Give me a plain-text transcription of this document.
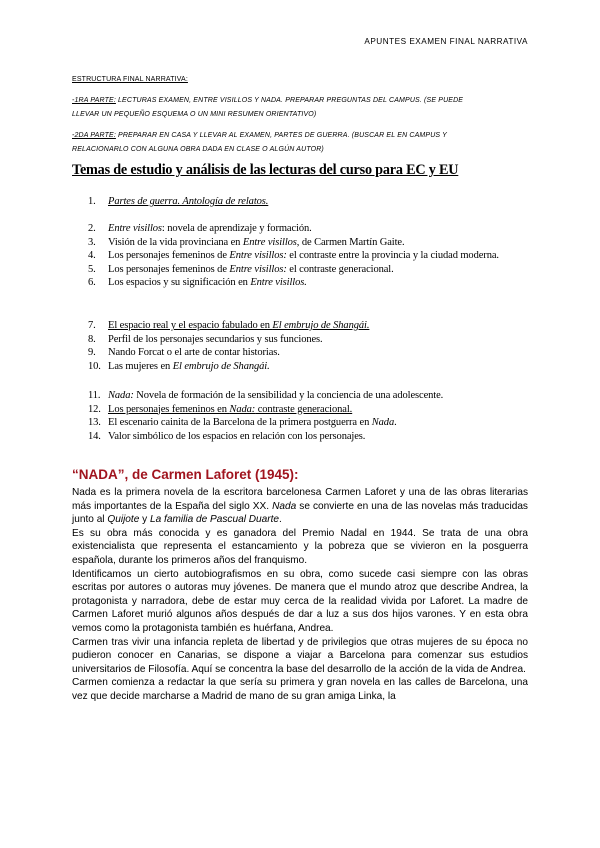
APUNTES EXAMEN FINAL NARRATIVA
ESTRUCTURA FINAL NARRATIVA:
-1RA PARTE: LECTURAS EXAMEN, ENTRE VISILLOS Y NADA. PREPARAR PREGUNTAS DEL CAMPUS. (SE PUEDE
LLEVAR UN PEQUEÑO ESQUEMA O UN MINI RESUMEN ORIENTATIVO)
-2DA PARTE: PREPARAR EN CASA Y LLEVAR AL EXAMEN, PARTES DE GUERRA. (BUSCAR EL EN CAMPUS Y
RELACIONARLO CON ALGUNA OBRA DADA EN CLASE O ALGÚN AUTOR)
Temas de estudio y análisis de las lecturas del curso para EC y EU
1. Partes de guerra. Antología de relatos.
2. Entre visillos: novela de aprendizaje y formación.
3. Visión de la vida provinciana en Entre visillos, de Carmen Martín Gaite.
4. Los personajes femeninos de Entre visillos: el contraste entre la provincia y la ciudad moderna.
5. Los personajes femeninos de Entre visillos: el contraste generacional.
6. Los espacios y su significación en Entre visillos.
7. El espacio real y el espacio fabulado en El embrujo de Shangái.
8. Perfil de los personajes secundarios y sus funciones.
9. Nando Forcat o el arte de contar historias.
10. Las mujeres en El embrujo de Shangái.
11. Nada: Novela de formación de la sensibilidad y la conciencia de una adolescente.
12. Los personajes femeninos en Nada: contraste generacional.
13. El escenario cainita de la Barcelona de la primera postguerra en Nada.
14. Valor simbólico de los espacios en relación con los personajes.
“NADA”, de Carmen Laforet (1945):

Nada es la primera novela de la escritora barcelonesa Carmen Laforet y una de las obras literarias más importantes de la España del siglo XX. Nada se convierte en una de las novelas más traducidas junto al Quijote y La familia de Pascual Duarte.

Es su obra más conocida y es ganadora del Premio Nadal en 1944. Se trata de una obra existencialista que representa el estancamiento y la pobreza que se vivieron en la posguerra española, durante los primeros años del franquismo.

Identificamos un cierto autobiografismos en su obra, como sucede casi siempre con las obras escritas por autores o autoras muy jóvenes. De manera que el mundo atroz que describe Andrea, la protagonista y narradora, debe de estar muy cerca de la realidad vivida por Laforet. La madre de Carmen Laforet murió algunos años después de dar a luz a sus dos hijos varones. Y en esta obra vemos como la protagonista también es huérfana, Andrea.

Carmen tras vivir una infancia repleta de libertad y de privilegios que otras mujeres de su época no pudieron conocer en Canarias, se dispone a viajar a Barcelona para comenzar sus estudios universitarios de Filosofía. Aquí se concentra la base del desarrollo de la acción de la vida de Andrea.

Carmen comienza a redactar la que sería su primera y gran novela en las calles de Barcelona, una vez que decide marcharse a Madrid de mano de su gran amiga Linka, la
